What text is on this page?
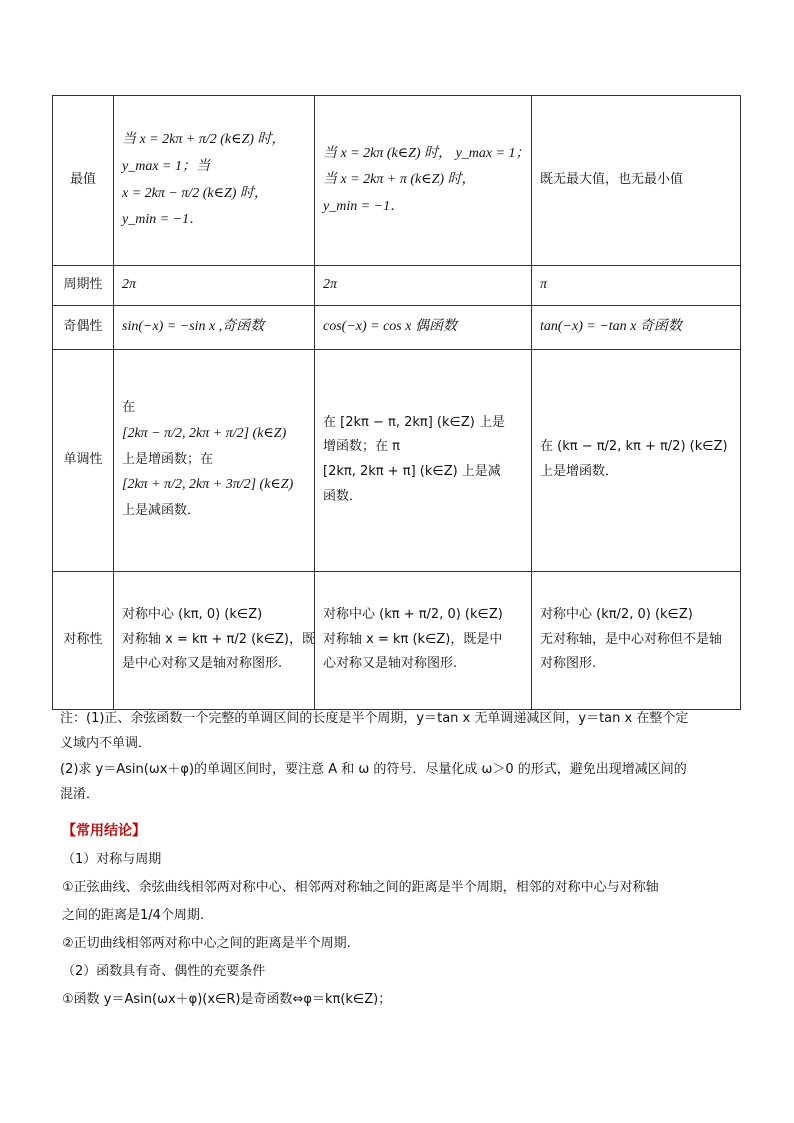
最值	当 x = 2kπ + π/2 (k∈Z) 时，
y_max = 1；当
x = 2kπ − π/2 (k∈Z) 时，
y_min = −1．	当 x = 2kπ (k∈Z) 时， y_max = 1；
当 x = 2kπ + π (k∈Z) 时，
y_min = −1．	既无最大值，也无最小值

周期性	2π	2π	π
奇偶性	sin(−x) = −sin x ,奇函数	cos(−x) = cos x 偶函数	tan(−x) = −tan x 奇函数

单调性	在
[2kπ − π/2, 2kπ + π/2] (k∈Z)
上是增函数；在
[2kπ + π/2, 2kπ + 3π/2] (k∈Z)
上是减函数．	在 [2kπ − π, 2kπ] (k∈Z) 上是
增函数；在 π
[2kπ, 2kπ + π] (k∈Z) 上是减
函数．	在 (kπ − π/2, kπ + π/2) (k∈Z)
上是增函数．

对称性	对称中心 (kπ, 0) (k∈Z)
对称轴 x = kπ + π/2 (k∈Z)，既
是中心对称又是轴对称图形.	对称中心 (kπ + π/2, 0) (k∈Z)
对称轴 x = kπ (k∈Z)，既是中
心对称又是轴对称图形.	对称中心 (kπ/2, 0) (k∈Z)
无对称轴，是中心对称但不是轴
对称图形.
注：(1)正、余弦函数一个完整的单调区间的长度是半个周期，y＝tan x 无单调递减区间，y＝tan x 在整个定
义域内不单调．
(2)求 y＝Asin(ωx＋φ)的单调区间时，要注意 A 和 ω 的符号．尽量化成 ω＞0 的形式，避免出现增减区间的
混淆．
【常用结论】
（1）对称与周期
①正弦曲线、余弦曲线相邻两对称中心、相邻两对称轴之间的距离是半个周期，相邻的对称中心与对称轴
之间的距离是1/4个周期.
②正切曲线相邻两对称中心之间的距离是半个周期.
（2）函数具有奇、偶性的充要条件
①函数 y＝Asin(ωx＋φ)(x∈R)是奇函数⇔φ＝kπ(k∈Z)；
